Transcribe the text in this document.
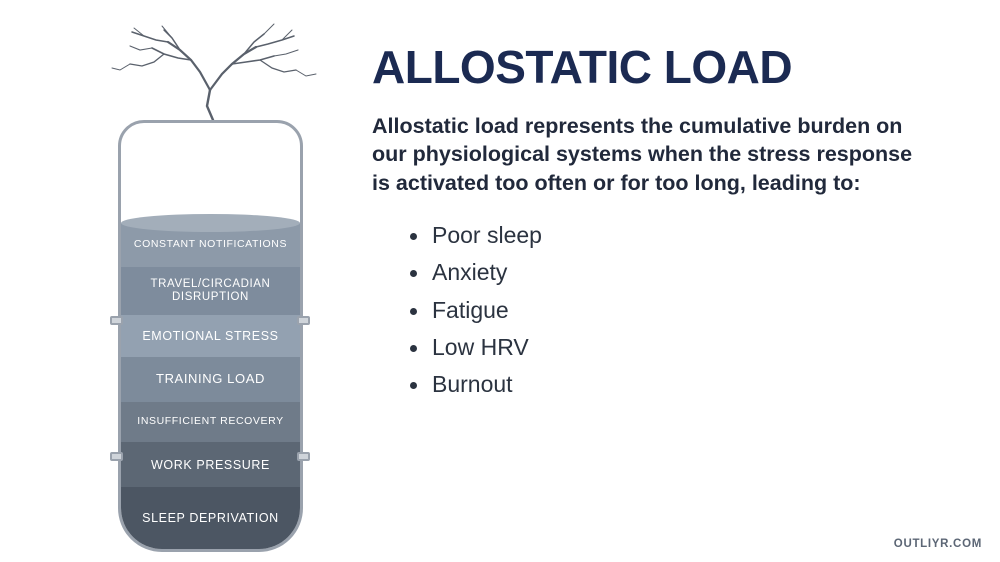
CONSTANT NOTIFICATIONS
TRAVEL/CIRCADIAN DISRUPTION
EMOTIONAL STRESS
TRAINING LOAD
INSUFFICIENT RECOVERY
WORK PRESSURE
SLEEP DEPRIVATION
ALLOSTATIC LOAD

Allostatic load represents the cumulative burden on our physiological systems when the stress response is activated too often or for too long, leading to:

Poor sleep
Anxiety
Fatigue
Low HRV
Burnout
OUTLIYR.COM
